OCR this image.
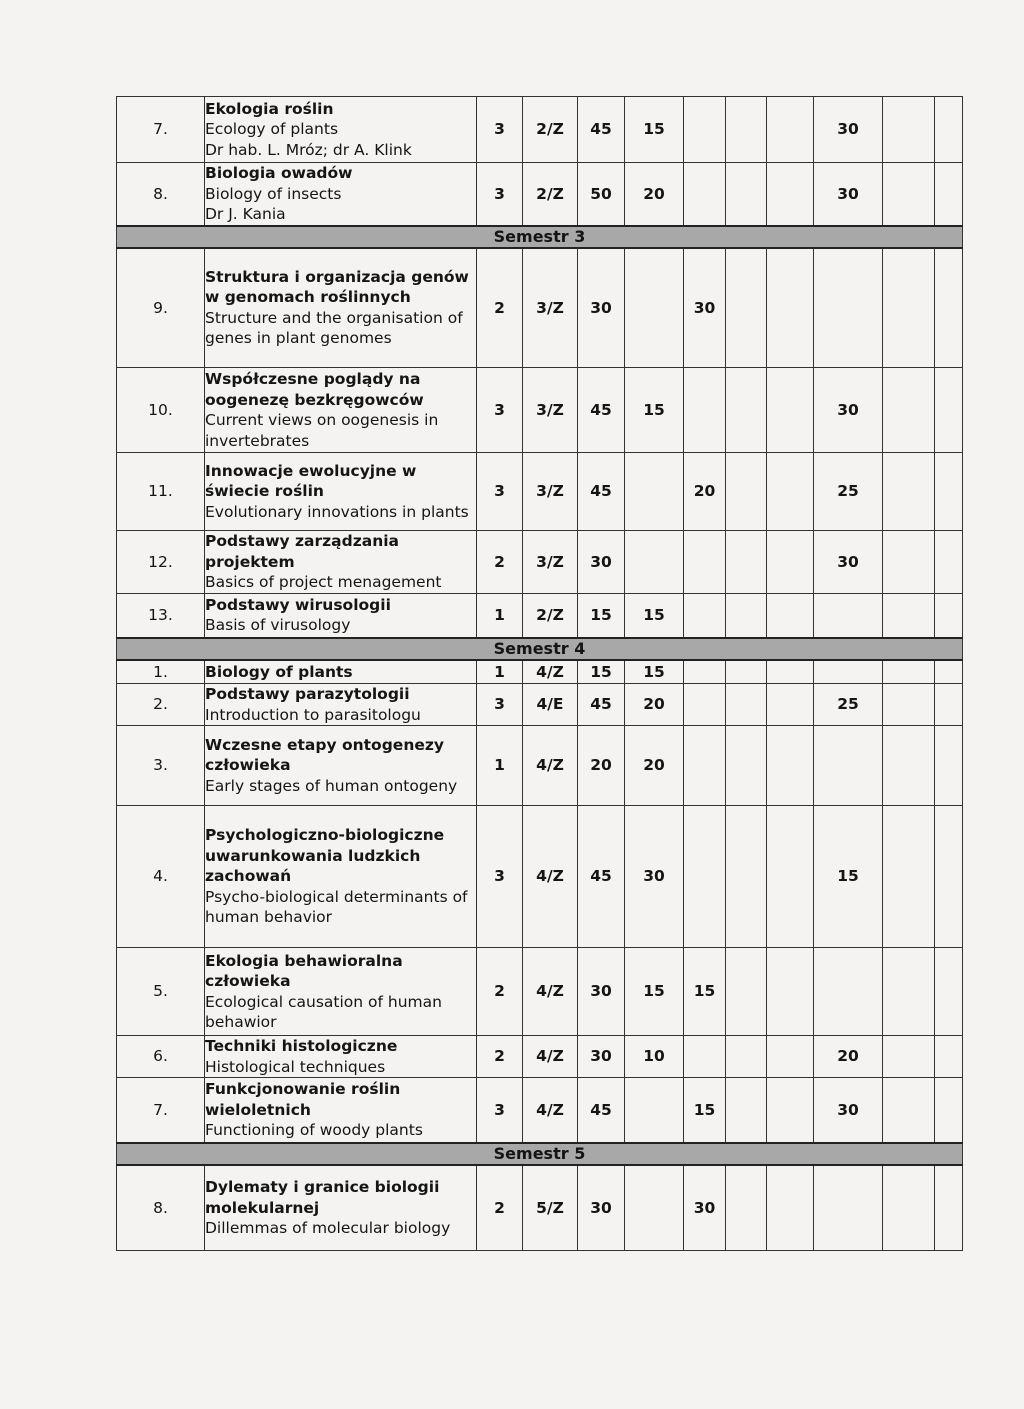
7.	Ekologia roślin
Ecology of plants
Dr hab. L. Mróz; dr A. Klink	3	2/Z	45	15				30		
8.	Biologia owadów
Biology of insects
Dr J. Kania	3	2/Z	50	20				30		
Semestr 3											
9.	Struktura i organizacja genów w genomach roślinnych
Structure and the organisation of genes in plant genomes	2	3/Z	30		30					
10.	Współczesne poglądy na oogenezę bezkręgowców
Current views on oogenesis in invertebrates	3	3/Z	45	15				30		
11.	Innowacje ewolucyjne w świecie roślin
Evolutionary innovations in plants	3	3/Z	45		20			25		
12.	Podstawy zarządzania projektem
Basics of project menagement	2	3/Z	30					30		
13.	Podstawy wirusologii
Basis of virusology	1	2/Z	15	15						
Semestr 4											
1.	Biology of plants	1	4/Z	15	15						
2.	Podstawy parazytologii
Introduction to parasitologu	3	4/E	45	20				25		
3.	Wczesne etapy ontogenezy człowieka
Early stages of human ontogeny	1	4/Z	20	20						
4.	Psychologiczno-biologiczne uwarunkowania ludzkich zachowań
Psycho-biological determinants of human behavior	3	4/Z	45	30				15		
5.	Ekologia behawioralna człowieka
Ecological causation of human behawior	2	4/Z	30	15	15					
6.	Techniki histologiczne
Histological techniques	2	4/Z	30	10				20		
7.	Funkcjonowanie roślin wieloletnich
Functioning of woody plants	3	4/Z	45		15			30		
Semestr 5											
8.	Dylematy i granice biologii molekularnej
Dillemmas of molecular biology	2	5/Z	30		30					
